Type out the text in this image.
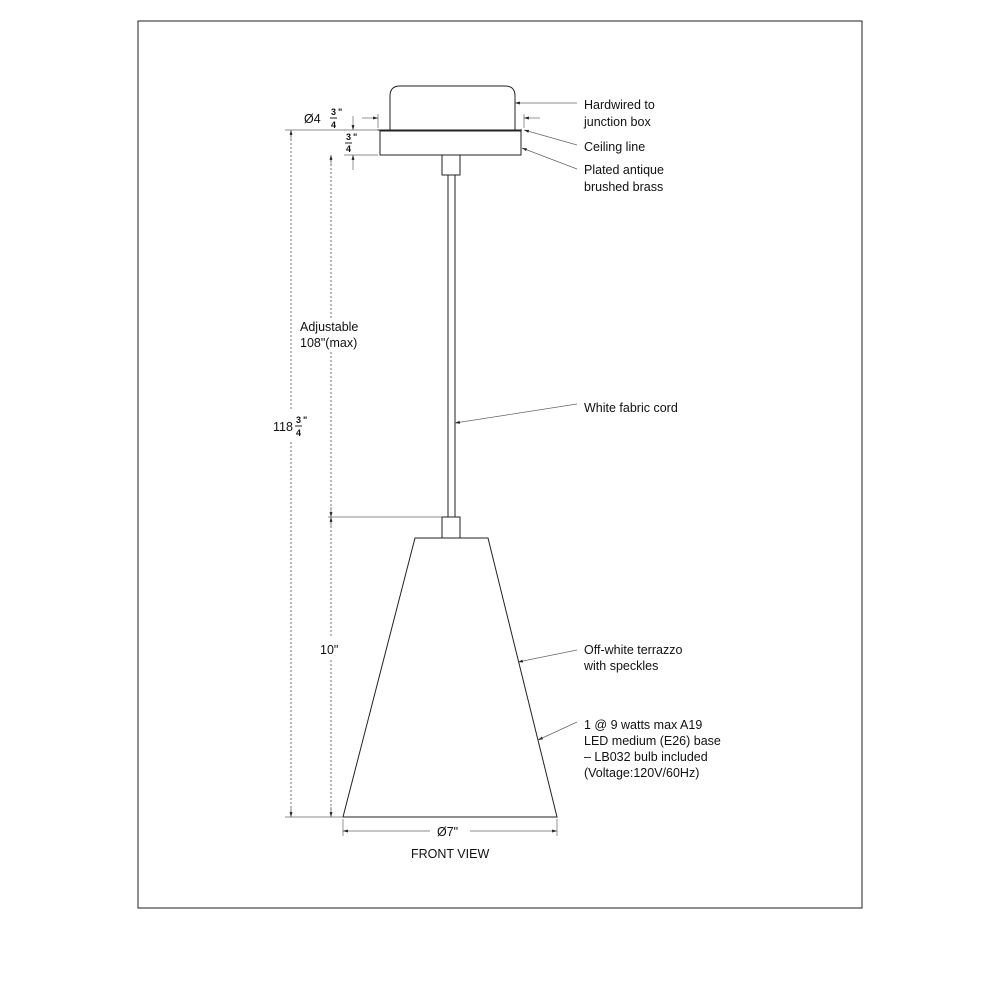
Ø4 3
4
"
3
4
"
118 3
4
"
Adjustable
108"(max)
10"
Ø7"
Hardwired to
junction box
Ceiling line
Plated antique
brushed brass
White fabric cord
Off-white terrazzo
with speckles
1 @ 9 watts max A19
LED medium (E26) base
– LB032 bulb included
(Voltage:120V/60Hz)
FRONT VIEW
